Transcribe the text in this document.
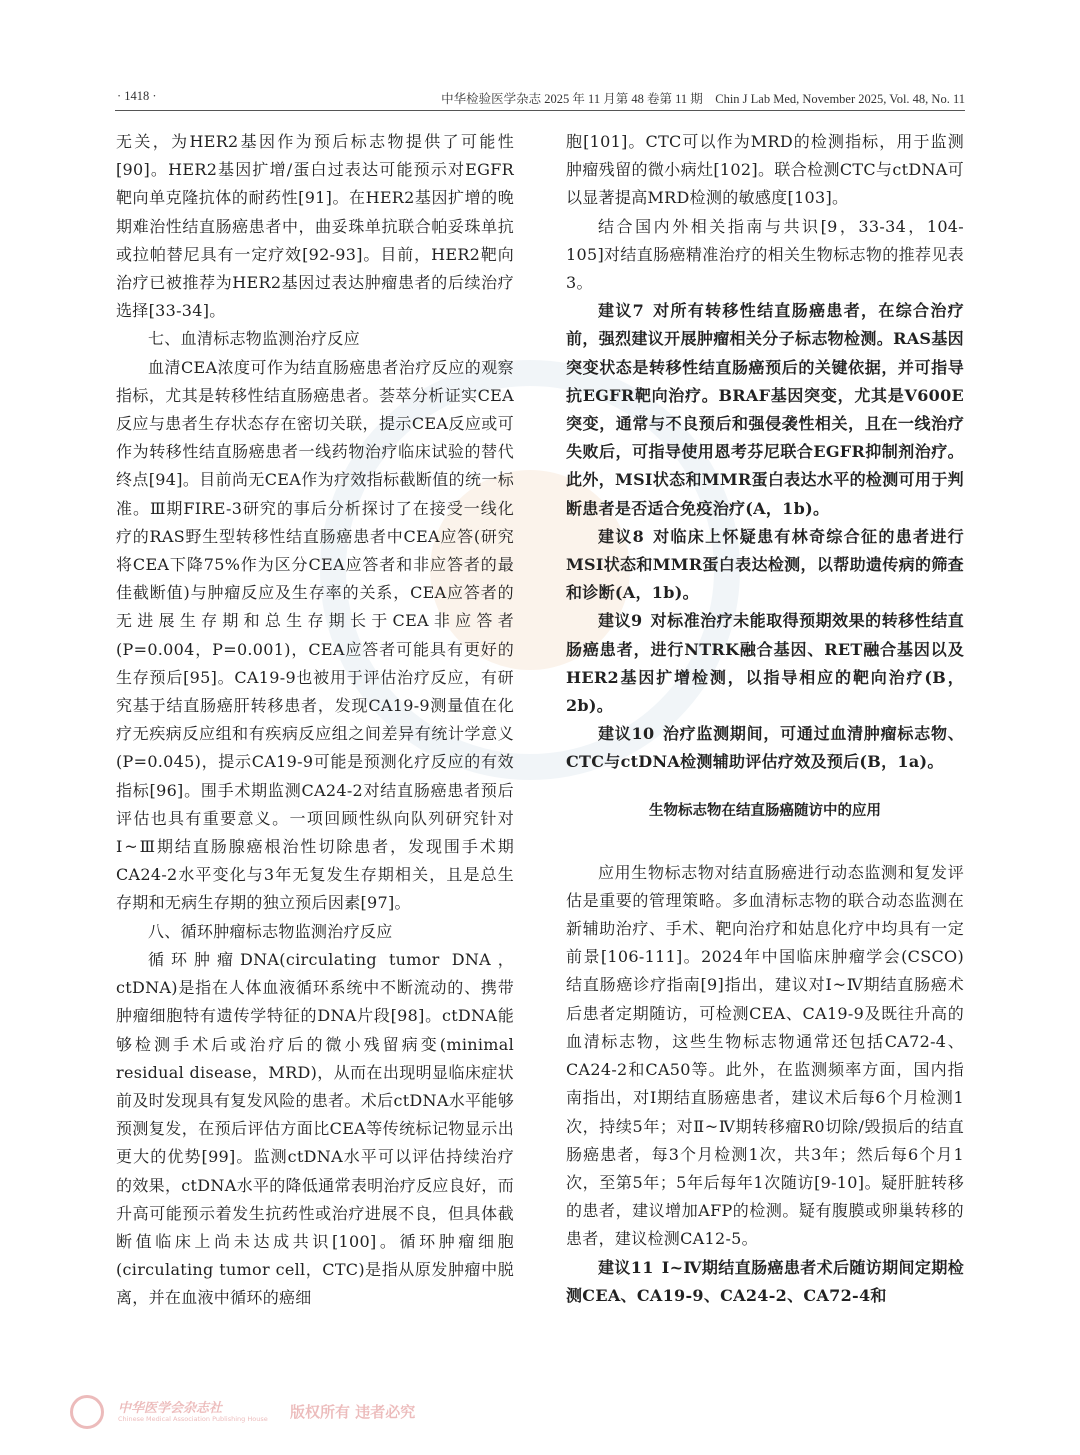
· 1418 ·	中华检验医学杂志 2025 年 11 月第 48 卷第 11 期　Chin J Lab Med, November 2025, Vol. 48, No. 11

无关，为HER2基因作为预后标志物提供了可能性[90]。HER2基因扩增/蛋白过表达可能预示对EGFR靶向单克隆抗体的耐药性[91]。在HER2基因扩增的晚期难治性结直肠癌患者中，曲妥珠单抗联合帕妥珠单抗或拉帕替尼具有一定疗效[92-93]。目前，HER2靶向治疗已被推荐为HER2基因过表达肿瘤患者的后续治疗选择[33-34]。

七、血清标志物监测治疗反应

血清CEA浓度可作为结直肠癌患者治疗反应的观察指标，尤其是转移性结直肠癌患者。荟萃分析证实CEA反应与患者生存状态存在密切关联，提示CEA反应或可作为转移性结直肠癌患者一线药物治疗临床试验的替代终点[94]。目前尚无CEA作为疗效指标截断值的统一标准。Ⅲ期FIRE-3研究的事后分析探讨了在接受一线化疗的RAS野生型转移性结直肠癌患者中CEA应答(研究将CEA下降75%作为区分CEA应答者和非应答者的最佳截断值)与肿瘤反应及生存率的关系，CEA应答者的无进展生存期和总生存期长于CEA非应答者(P=0.004，P=0.001)，CEA应答者可能具有更好的生存预后[95]。CA19-9也被用于评估治疗反应，有研究基于结直肠癌肝转移患者，发现CA19-9测量值在化疗无疾病反应组和有疾病反应组之间差异有统计学意义(P=0.045)，提示CA19-9可能是预测化疗反应的有效指标[96]。围手术期监测CA24-2对结直肠癌患者预后评估也具有重要意义。一项回顾性纵向队列研究针对Ⅰ~Ⅲ期结直肠腺癌根治性切除患者，发现围手术期CA24-2水平变化与3年无复发生存期相关，且是总生存期和无病生存期的独立预后因素[97]。

八、循环肿瘤标志物监测治疗反应

循环肿瘤DNA(circulating tumor DNA，ctDNA)是指在人体血液循环系统中不断流动的、携带肿瘤细胞特有遗传学特征的DNA片段[98]。ctDNA能够检测手术后或治疗后的微小残留病变(minimal residual disease，MRD)，从而在出现明显临床症状前及时发现具有复发风险的患者。术后ctDNA水平能够预测复发，在预后评估方面比CEA等传统标记物显示出更大的优势[99]。监测ctDNA水平可以评估持续治疗的效果，ctDNA水平的降低通常表明治疗反应良好，而升高可能预示着发生抗药性或治疗进展不良，但具体截断值临床上尚未达成共识[100]。循环肿瘤细胞(circulating tumor cell，CTC)是指从原发肿瘤中脱离，并在血液中循环的癌细

胞[101]。CTC可以作为MRD的检测指标，用于监测肿瘤残留的微小病灶[102]。联合检测CTC与ctDNA可以显著提高MRD检测的敏感度[103]。

结合国内外相关指南与共识[9，33-34，104-105]对结直肠癌精准治疗的相关生物标志物的推荐见表3。

建议7 对所有转移性结直肠癌患者，在综合治疗前，强烈建议开展肿瘤相关分子标志物检测。RAS基因突变状态是转移性结直肠癌预后的关键依据，并可指导抗EGFR靶向治疗。BRAF基因突变，尤其是V600E突变，通常与不良预后和强侵袭性相关，且在一线治疗失败后，可指导使用恩考芬尼联合EGFR抑制剂治疗。此外，MSI状态和MMR蛋白表达水平的检测可用于判断患者是否适合免疫治疗(A，1b)。

建议8 对临床上怀疑患有林奇综合征的患者进行MSI状态和MMR蛋白表达检测，以帮助遗传病的筛查和诊断(A，1b)。

建议9 对标准治疗未能取得预期效果的转移性结直肠癌患者，进行NTRK融合基因、RET融合基因以及HER2基因扩增检测，以指导相应的靶向治疗(B，2b)。

建议10 治疗监测期间，可通过血清肿瘤标志物、CTC与ctDNA检测辅助评估疗效及预后(B，1a)。

生物标志物在结直肠癌随访中的应用

应用生物标志物对结直肠癌进行动态监测和复发评估是重要的管理策略。多血清标志物的联合动态监测在新辅助治疗、手术、靶向治疗和姑息化疗中均具有一定前景[106-111]。2024年中国临床肿瘤学会(CSCO)结直肠癌诊疗指南[9]指出，建议对Ⅰ~Ⅳ期结直肠癌术后患者定期随访，可检测CEA、CA19-9及既往升高的血清标志物，这些生物标志物通常还包括CA72-4、CA24-2和CA50等。此外，在监测频率方面，国内指南指出，对Ⅰ期结直肠癌患者，建议术后每6个月检测1次，持续5年；对Ⅱ~Ⅳ期转移瘤R0切除/毁损后的结直肠癌患者，每3个月检测1次，共3年；然后每6个月1次，至第5年；5年后每年1次随访[9-10]。疑肝脏转移的患者，建议增加AFP的检测。疑有腹膜或卵巢转移的患者，建议检测CA12-5。

建议11 Ⅰ~Ⅳ期结直肠癌患者术后随访期间定期检测CEA、CA19-9、CA24-2、CA72-4和

中华医学会杂志社
Chinese Medical Association Publishing House 版权所有 违者必究
